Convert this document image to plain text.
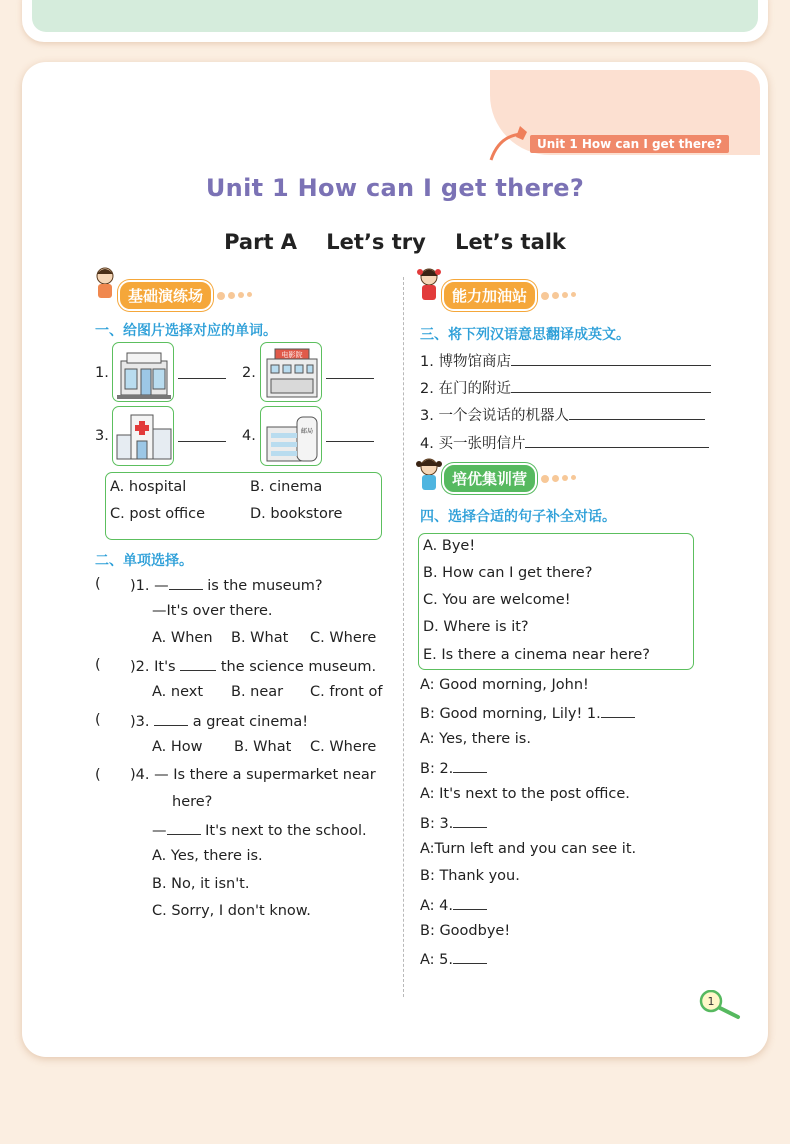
Unit 1 How can I get there?
Unit 1 How can I get there?
Part A    Let’s try    Let’s talk
基础演练场
一、给图片选择对应的单词。
1.	2.
电影院
3.	4.	邮局
A. hospital	B. cinema
C. post office	D. bookstore
二、单项选择。
( )1. —	is the museum?
—It's over there.
A. When B. What C. Where
( )2. It's	the science museum.
A. next B. near C. front of
( )3.	a great cinema!
A. How B. What C. Where
( )4. — Is there a supermarket near
here?
—	It's next to the school.
A. Yes, there is.
B. No, it isn't.
C. Sorry, I don't know.
能力加油站
三、将下列汉语意思翻译成英文。
1. 博物馆商店
2. 在门的附近
3. 一个会说话的机器人
4. 买一张明信片
培优集训营
四、选择合适的句子补全对话。
A. Bye!
B. How can I get there?
C. You are welcome!
D. Where is it?
E. Is there a cinema near here?
A: Good morning, John!
B: Good morning, Lily! 1.
A: Yes, there is.
B: 2.
A: It's next to the post office.
B: 3.
A:Turn left and you can see it.
B: Thank you.
A: 4.
B: Goodbye!
A: 5.
1
